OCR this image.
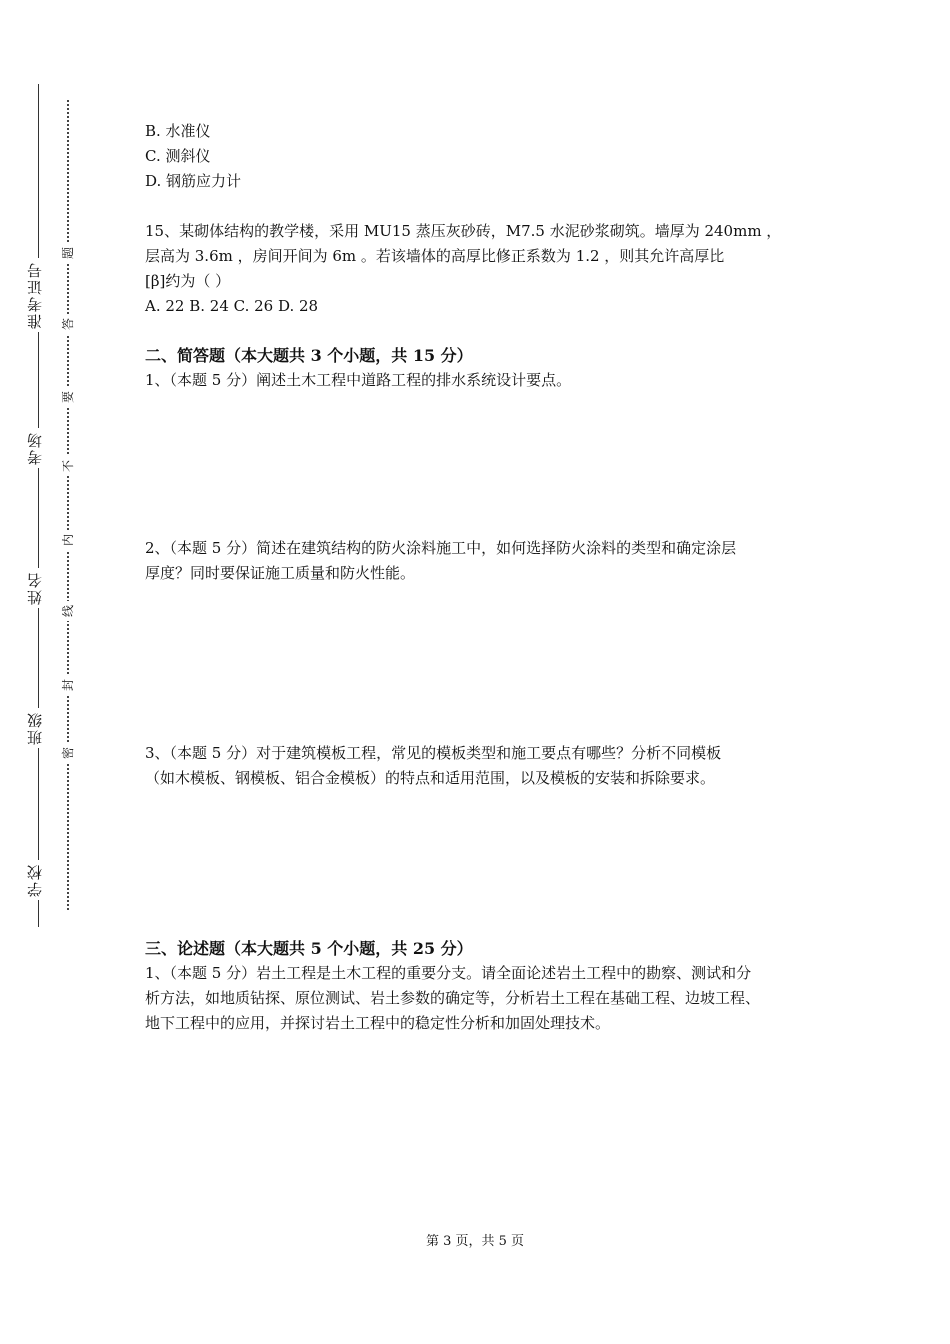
学校
班级
姓名
考场
准考证号
密
封
线
内
不
要
答
题

B. 水准仪

C. 测斜仪

D. 钢筋应力计

15、某砌体结构的教学楼，采用 MU15 蒸压灰砂砖，M7.5 水泥砂浆砌筑。墙厚为 240mm ，

层高为 3.6m ，房间开间为 6m 。若该墙体的高厚比修正系数为 1.2 ，则其允许高厚比

[β]约为（ ）

A. 22 B. 24 C. 26 D. 28

二、简答题（本大题共 3 个小题，共 15 分）

1、（本题 5 分）阐述土木工程中道路工程的排水系统设计要点。

2、（本题 5 分）简述在建筑结构的防火涂料施工中，如何选择防火涂料的类型和确定涂层

厚度？同时要保证施工质量和防火性能。

3、（本题 5 分）对于建筑模板工程，常见的模板类型和施工要点有哪些？分析不同模板

（如木模板、钢模板、铝合金模板）的特点和适用范围，以及模板的安装和拆除要求。

三、论述题（本大题共 5 个小题，共 25 分）

1、（本题 5 分）岩土工程是土木工程的重要分支。请全面论述岩土工程中的勘察、测试和分

析方法，如地质钻探、原位测试、岩土参数的确定等，分析岩土工程在基础工程、边坡工程、

地下工程中的应用，并探讨岩土工程中的稳定性分析和加固处理技术。

第 3 页，共 5 页
